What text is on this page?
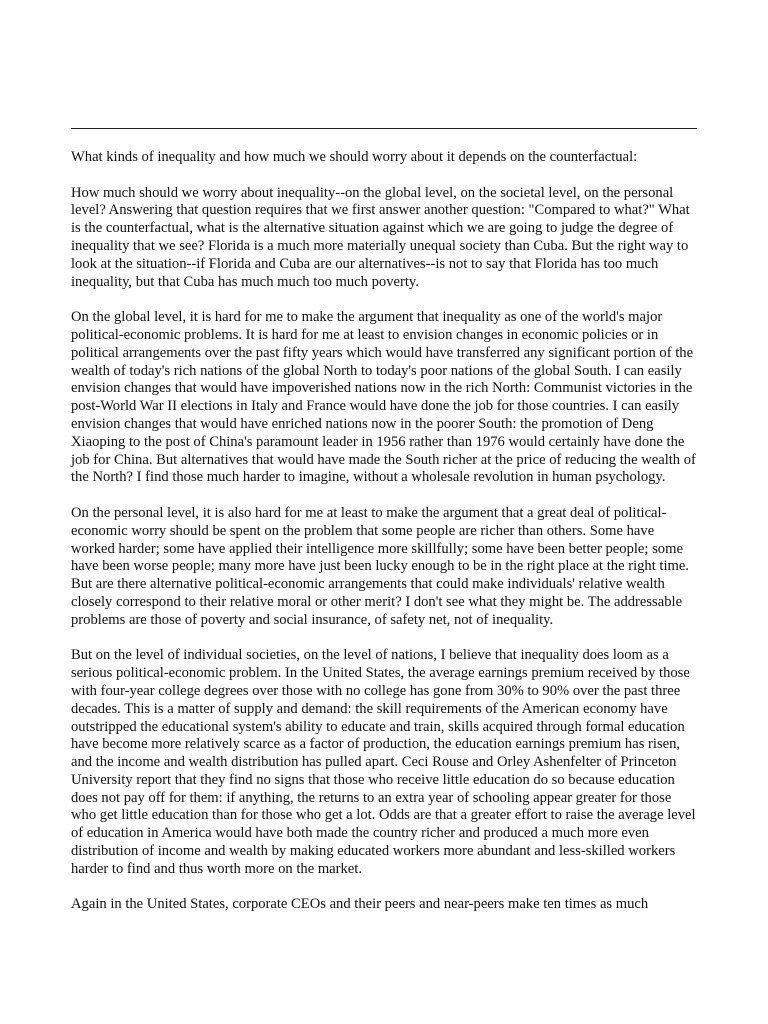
What kinds of inequality and how much we should worry about it depends on the counterfactual:

How much should we worry about inequality--on the global level, on the societal level, on the personal level? Answering that question requires that we first answer another question: "Compared to what?" What is the counterfactual, what is the alternative situation against which we are going to judge the degree of inequality that we see? Florida is a much more materially unequal society than Cuba. But the right way to look at the situation--if Florida and Cuba are our alternatives--is not to say that Florida has too much inequality, but that Cuba has much much too much poverty.

On the global level, it is hard for me to make the argument that inequality as one of the world's major political-economic problems. It is hard for me at least to envision changes in economic policies or in political arrangements over the past fifty years which would have transferred any significant portion of the wealth of today's rich nations of the global North to today's poor nations of the global South. I can easily envision changes that would have impoverished nations now in the rich North: Communist victories in the post-World War II elections in Italy and France would have done the job for those countries. I can easily envision changes that would have enriched nations now in the poorer South: the promotion of Deng Xiaoping to the post of China's paramount leader in 1956 rather than 1976 would certainly have done the job for China. But alternatives that would have made the South richer at the price of reducing the wealth of the North? I find those much harder to imagine, without a wholesale revolution in human psychology.

On the personal level, it is also hard for me at least to make the argument that a great deal of political-economic worry should be spent on the problem that some people are richer than others. Some have worked harder; some have applied their intelligence more skillfully; some have been better people; some have been worse people; many more have just been lucky enough to be in the right place at the right time. But are there alternative political-economic arrangements that could make individuals' relative wealth closely correspond to their relative moral or other merit? I don't see what they might be. The addressable problems are those of poverty and social insurance, of safety net, not of inequality.

But on the level of individual societies, on the level of nations, I believe that inequality does loom as a serious political-economic problem. In the United States, the average earnings premium received by those with four-year college degrees over those with no college has gone from 30% to 90% over the past three decades. This is a matter of supply and demand: the skill requirements of the American economy have outstripped the educational system's ability to educate and train, skills acquired through formal education have become more relatively scarce as a factor of production, the education earnings premium has risen, and the income and wealth distribution has pulled apart. Ceci Rouse and Orley Ashenfelter of Princeton University report that they find no signs that those who receive little education do so because education does not pay off for them: if anything, the returns to an extra year of schooling appear greater for those who get little education than for those who get a lot. Odds are that a greater effort to raise the average level of education in America would have both made the country richer and produced a much more even distribution of income and wealth by making educated workers more abundant and less-skilled workers harder to find and thus worth more on the market.

Again in the United States, corporate CEOs and their peers and near-peers make ten times as much
